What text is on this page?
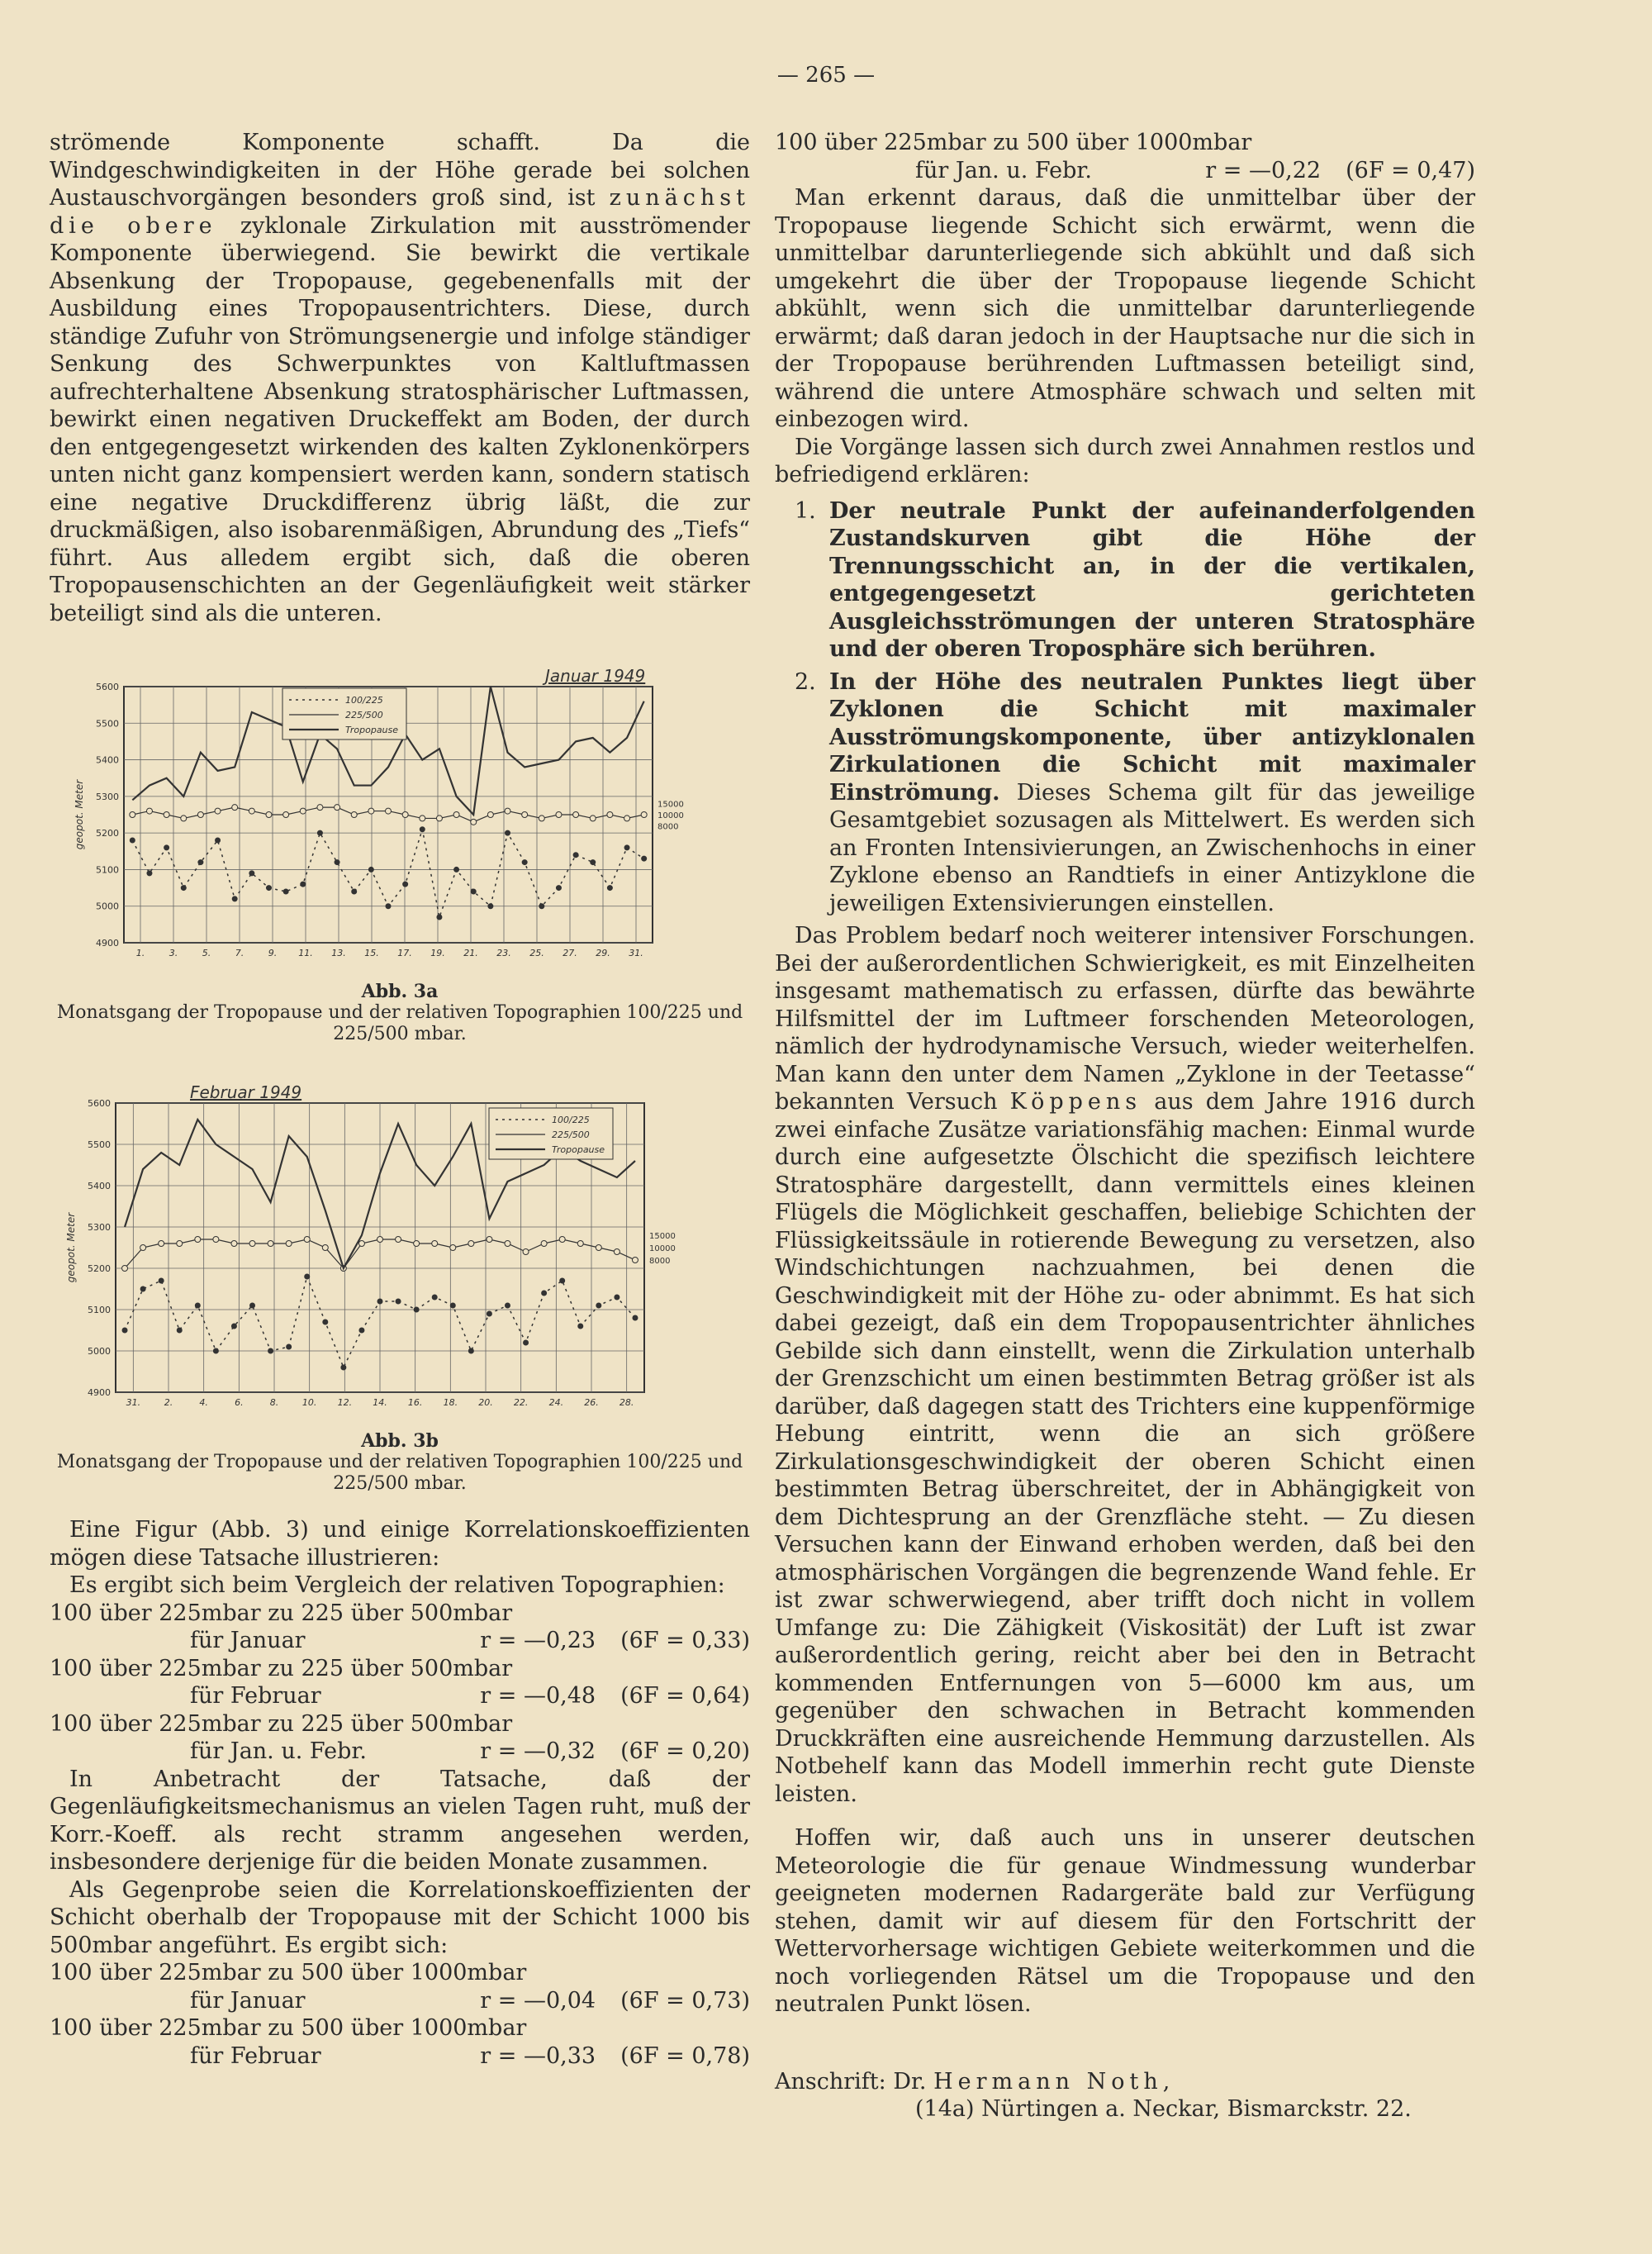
— 265 —

strömende Komponente schafft. Da die Windgeschwindigkeiten in der Höhe gerade bei solchen Austauschvorgängen besonders groß sind, ist zunächst die obere zyklonale Zirkulation mit ausströmender Komponente überwiegend. Sie bewirkt die vertikale Absenkung der Tropopause, gegebenenfalls mit der Ausbildung eines Tropopausentrichters. Diese, durch ständige Zufuhr von Strömungsenergie und infolge ständiger Senkung des Schwerpunktes von Kaltluftmassen aufrechterhaltene Absenkung stratosphärischer Luftmassen, bewirkt einen negativen Druckeffekt am Boden, der durch den entgegengesetzt wirkenden des kalten Zyklonenkörpers unten nicht ganz kompensiert werden kann, sondern statisch eine negative Druckdifferenz übrig läßt, die zur druckmäßigen, also isobarenmäßigen, Abrundung des „Tiefs“ führt. Aus alledem ergibt sich, daß die oberen Tropopausenschichten an der Gegenläufigkeit weit stärker beteiligt sind als die unteren.

5600
5500
5400
5300
5200
5100
5000
4900
1.	3.	5.	7.	9. 11. 13. 15. 17. 19. 21. 23. 25. 27. 29. 31.
15000
10000
8000
geopot. Meter
Januar 1949
100/225
225/500
Tropopause
Abb. 3a
Monatsgang der Tropopause und der relativen Topographien 100/225 und 225/500 mbar.
5600
5500
5400
5300
5200
5100
5000
4900
31.	2.	4.	6.	8.	10. 12. 14. 16. 18. 20. 22. 24. 26. 28.
15000
10000
8000
geopot. Meter
Februar 1949
100/225
225/500
Tropopause
Abb. 3b
Monatsgang der Tropopause und der relativen Topographien 100/225 und 225/500 mbar.

Eine Figur (Abb. 3) und einige Korrelationskoeffizienten mögen diese Tatsache illustrieren:

Es ergibt sich beim Vergleich der relativen Topographien:

100 über 225mbar zu 225 über 500mbar
für Januar	r = —0,23 (6F = 0,33)
100 über 225mbar zu 225 über 500mbar
für Februar	r = —0,48 (6F = 0,64)
100 über 225mbar zu 225 über 500mbar
für Jan. u. Febr.	r = —0,32 (6F = 0,20)

In Anbetracht der Tatsache, daß der Gegenläufigkeitsmechanismus an vielen Tagen ruht, muß der Korr.-Koeff. als recht stramm angesehen werden, insbesondere derjenige für die beiden Monate zusammen.

Als Gegenprobe seien die Korrelationskoeffizienten der Schicht oberhalb der Tropopause mit der Schicht 1000 bis 500mbar angeführt. Es ergibt sich:

100 über 225mbar zu 500 über 1000mbar
für Januar	r = —0,04 (6F = 0,73)
100 über 225mbar zu 500 über 1000mbar
für Februar	r = —0,33 (6F = 0,78)
100 über 225mbar zu 500 über 1000mbar
für Jan. u. Febr.	r = —0,22 (6F = 0,47)

Man erkennt daraus, daß die unmittelbar über der Tropopause liegende Schicht sich erwärmt, wenn die unmittelbar darunterliegende sich abkühlt und daß sich umgekehrt die über der Tropopause liegende Schicht abkühlt, wenn sich die unmittelbar darunterliegende erwärmt; daß daran jedoch in der Hauptsache nur die sich in der Tropopause berührenden Luftmassen beteiligt sind, während die untere Atmosphäre schwach und selten mit einbezogen wird.

Die Vorgänge lassen sich durch zwei Annahmen restlos und befriedigend erklären:

1. Der neutrale Punkt der aufeinanderfolgenden Zustandskurven gibt die Höhe der Trennungsschicht an, in der die vertikalen, entgegengesetzt gerichteten Ausgleichsströmungen der unteren Stratosphäre und der oberen Troposphäre sich berühren.
2. In der Höhe des neutralen Punktes liegt über Zyklonen die Schicht mit maximaler Ausströmungskomponente, über antizyklonalen Zirkulationen die Schicht mit maximaler Einströmung. Dieses Schema gilt für das jeweilige Gesamtgebiet sozusagen als Mittelwert. Es werden sich an Fronten Intensivierungen, an Zwischenhochs in einer Zyklone ebenso an Randtiefs in einer Antizyklone die jeweiligen Extensivierungen einstellen.

Das Problem bedarf noch weiterer intensiver Forschungen. Bei der außerordentlichen Schwierigkeit, es mit Einzelheiten insgesamt mathematisch zu erfassen, dürfte das bewährte Hilfsmittel der im Luftmeer forschenden Meteorologen, nämlich der hydrodynamische Versuch, wieder weiterhelfen. Man kann den unter dem Namen „Zyklone in der Teetasse“ bekannten Versuch Köppens aus dem Jahre 1916 durch zwei einfache Zusätze variationsfähig machen: Einmal wurde durch eine aufgesetzte Ölschicht die spezifisch leichtere Stratosphäre dargestellt, dann vermittels eines kleinen Flügels die Möglichkeit geschaffen, beliebige Schichten der Flüssigkeitssäule in rotierende Bewegung zu versetzen, also Windschichtungen nachzuahmen, bei denen die Geschwindigkeit mit der Höhe zu- oder abnimmt. Es hat sich dabei gezeigt, daß ein dem Tropopausentrichter ähnliches Gebilde sich dann einstellt, wenn die Zirkulation unterhalb der Grenzschicht um einen bestimmten Betrag größer ist als darüber, daß dagegen statt des Trichters eine kuppenförmige Hebung eintritt, wenn die an sich größere Zirkulationsgeschwindigkeit der oberen Schicht einen bestimmten Betrag überschreitet, der in Abhängigkeit von dem Dichtesprung an der Grenzfläche steht. — Zu diesen Versuchen kann der Einwand erhoben werden, daß bei den atmosphärischen Vorgängen die begrenzende Wand fehle. Er ist zwar schwerwiegend, aber trifft doch nicht in vollem Umfange zu: Die Zähigkeit (Viskosität) der Luft ist zwar außerordentlich gering, reicht aber bei den in Betracht kommenden Entfernungen von 5—6000 km aus, um gegenüber den schwachen in Betracht kommenden Druckkräften eine ausreichende Hemmung darzustellen. Als Notbehelf kann das Modell immerhin recht gute Dienste leisten.

Hoffen wir, daß auch uns in unserer deutschen Meteorologie die für genaue Windmessung wunderbar geeigneten modernen Radargeräte bald zur Verfügung stehen, damit wir auf diesem für den Fortschritt der Wettervorhersage wichtigen Gebiete weiterkommen und die noch vorliegenden Rätsel um die Tropopause und den neutralen Punkt lösen.

Anschrift: Dr. Hermann Noth,
(14a) Nürtingen a. Neckar, Bismarckstr. 22.
